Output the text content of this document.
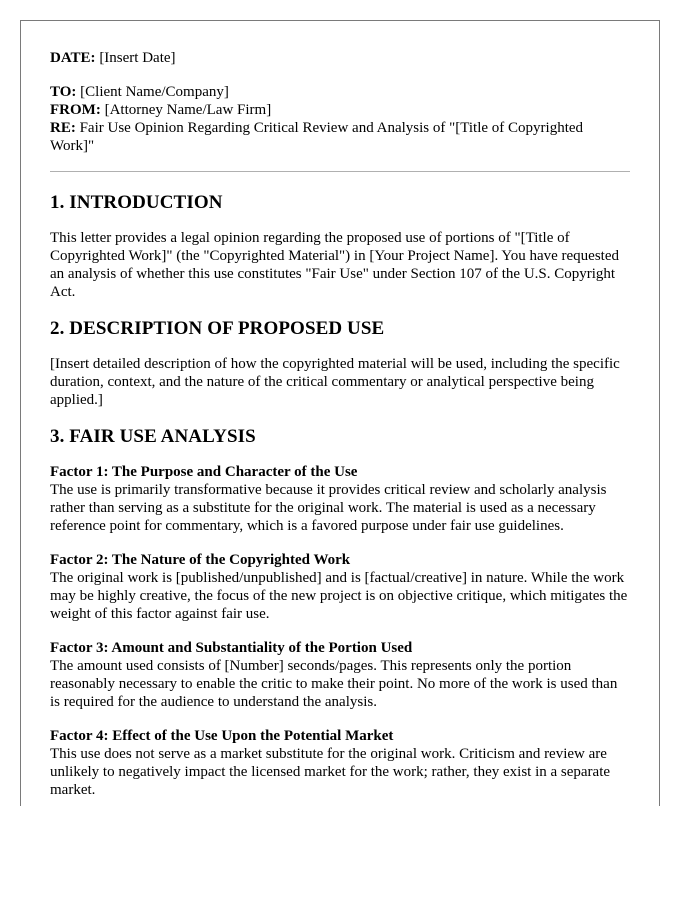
DATE: [Insert Date]

TO: [Client Name/Company]

FROM: [Attorney Name/Law Firm]

RE: Fair Use Opinion Regarding Critical Review and Analysis of "[Title of Copyrighted Work]"

1. INTRODUCTION

This letter provides a legal opinion regarding the proposed use of portions of "[Title of Copyrighted Work]" (the "Copyrighted Material") in [Your Project Name]. You have requested an analysis of whether this use constitutes "Fair Use" under Section 107 of the U.S. Copyright Act.

2. DESCRIPTION OF PROPOSED USE

[Insert detailed description of how the copyrighted material will be used, including the specific duration, context, and the nature of the critical commentary or analytical perspective being applied.]

3. FAIR USE ANALYSIS
Factor 1: The Purpose and Character of the Use
The use is primarily transformative because it provides critical review and scholarly analysis rather than serving as a substitute for the original work. The material is used as a necessary reference point for commentary, which is a favored purpose under fair use guidelines.
Factor 2: The Nature of the Copyrighted Work
The original work is [published/unpublished] and is [factual/creative] in nature. While the work may be highly creative, the focus of the new project is on objective critique, which mitigates the weight of this factor against fair use.
Factor 3: Amount and Substantiality of the Portion Used
The amount used consists of [Number] seconds/pages. This represents only the portion reasonably necessary to enable the critic to make their point. No more of the work is used than is required for the audience to understand the analysis.
Factor 4: Effect of the Use Upon the Potential Market
This use does not serve as a market substitute for the original work. Criticism and review are unlikely to negatively impact the licensed market for the work; rather, they exist in a separate market.
